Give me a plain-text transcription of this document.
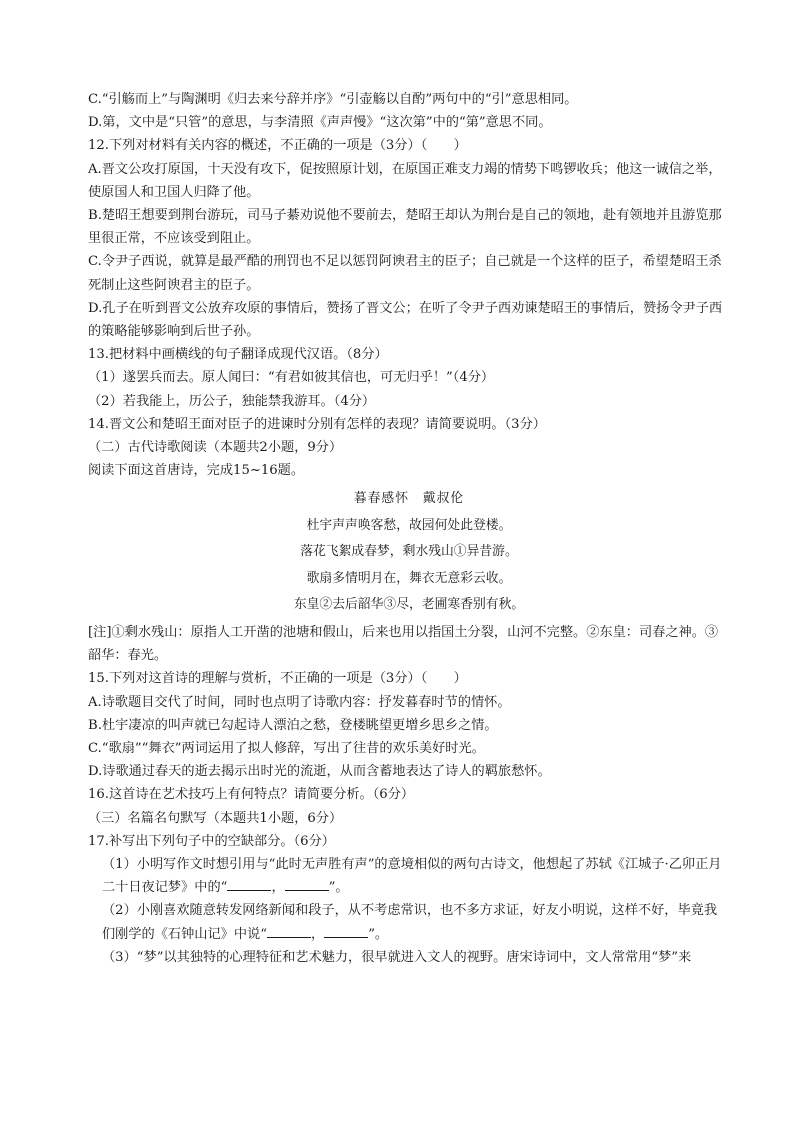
C.“引觞而上”与陶渊明《归去来兮辞并序》“引壶觞以自酌”两句中的“引”意思相同。

D.第，文中是“只管”的意思，与李清照《声声慢》“这次第”中的“第”意思不同。

12.下列对材料有关内容的概述，不正确的一项是（3分）（　　）

A.晋文公攻打原国，十天没有攻下，促按照原计划，在原国正难支力竭的情势下鸣锣收兵；他这一诚信之举，使原国人和卫国人归降了他。

B.楚昭王想要到荆台游玩，司马子綦劝说他不要前去，楚昭王却认为荆台是自己的领地，赴有领地并且游览那里很正常，不应该受到阻止。

C.令尹子西说，就算是最严酷的刑罚也不足以惩罚阿谀君主的臣子；自己就是一个这样的臣子，希望楚昭王杀死制止这些阿谀君主的臣子。

D.孔子在听到晋文公放弃攻原的事情后，赞扬了晋文公；在听了令尹子西劝谏楚昭王的事情后，赞扬令尹子西的策略能够影响到后世子孙。

13.把材料中画横线的句子翻译成现代汉语。（8分）

（1）遂罢兵而去。原人闻曰：“有君如彼其信也，可无归乎！”（4分）

（2）若我能上，历公子，独能禁我游耳。（4分）

14.晋文公和楚昭王面对臣子的进谏时分别有怎样的表现？请简要说明。（3分）

（二）古代诗歌阅读（本题共2小题，9分）

阅读下面这首唐诗，完成15~16题。

暮春感怀　戴叔伦
杜宇声声唤客愁，故园何处此登楼。
落花飞絮成春梦，剩水残山①异昔游。
歌扇多情明月在，舞衣无意彩云收。
东皇②去后韶华③尽，老圃寒香别有秋。

[注]①剩水残山：原指人工开凿的池塘和假山，后来也用以指国土分裂，山河不完整。②东皇：司春之神。③韶华：春光。

15.下列对这首诗的理解与赏析，不正确的一项是（3分）（　　）

A.诗歌题目交代了时间，同时也点明了诗歌内容：抒发暮春时节的情怀。

B.杜宇凄凉的叫声就已勾起诗人漂泊之愁，登楼眺望更增乡思乡之情。

C.“歌扇”“舞衣”两词运用了拟人修辞，写出了往昔的欢乐美好时光。

D.诗歌通过春天的逝去揭示出时光的流逝，从而含蓄地表达了诗人的羁旅愁怀。

16.这首诗在艺术技巧上有何特点？请简要分析。（6分）

（三）名篇名句默写（本题共1小题，6分）

17.补写出下列句子中的空缺部分。（6分）

（1）小明写作文时想引用与“此时无声胜有声”的意境相似的两句古诗文，他想起了苏轼《江城子·乙卯正月二十日夜记梦》中的“	，	”。

（2）小刚喜欢随意转发网络新闻和段子，从不考虑常识，也不多方求证，好友小明说，这样不好，毕竟我们刚学的《石钟山记》中说“	，	”。

（3）“梦”以其独特的心理特征和艺术魅力，很早就进入文人的视野。唐宋诗词中，文人常常用“梦”来
